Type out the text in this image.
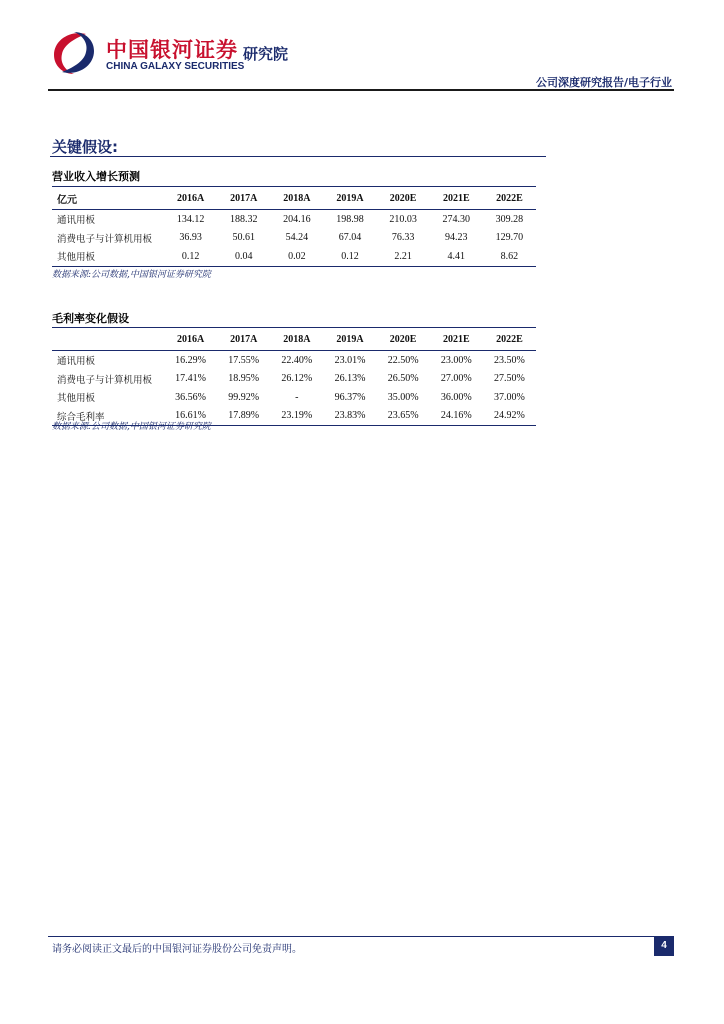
中国银河证券
CHINA GALAXY SECURITIES
研究院
公司深度研究报告/电子行业
关键假设:
营业收入增长预测
亿元	2016A	2017A	2018A	2019A	2020E	2021E	2022E
通讯用板	134.12	188.32	204.16	198.98	210.03	274.30	309.28
消费电子与计算机用板	36.93	50.61	54.24	67.04	76.33	94.23	129.70
其他用板	0.12	0.04	0.02	0.12	2.21	4.41	8.62
数据来源:公司数据,中国银河证券研究院
毛利率变化假设
	2016A	2017A	2018A	2019A	2020E	2021E	2022E
通讯用板	16.29%	17.55%	22.40%	23.01%	22.50%	23.00%	23.50%
消费电子与计算机用板	17.41%	18.95%	26.12%	26.13%	26.50%	27.00%	27.50%
其他用板	36.56%	99.92%	-	96.37%	35.00%	36.00%	37.00%
综合毛利率	16.61%	17.89%	23.19%	23.83%	23.65%	24.16%	24.92%
数据来源:公司数据,中国银河证券研究院
请务必阅读正文最后的中国银河证券股份公司免责声明。	4
